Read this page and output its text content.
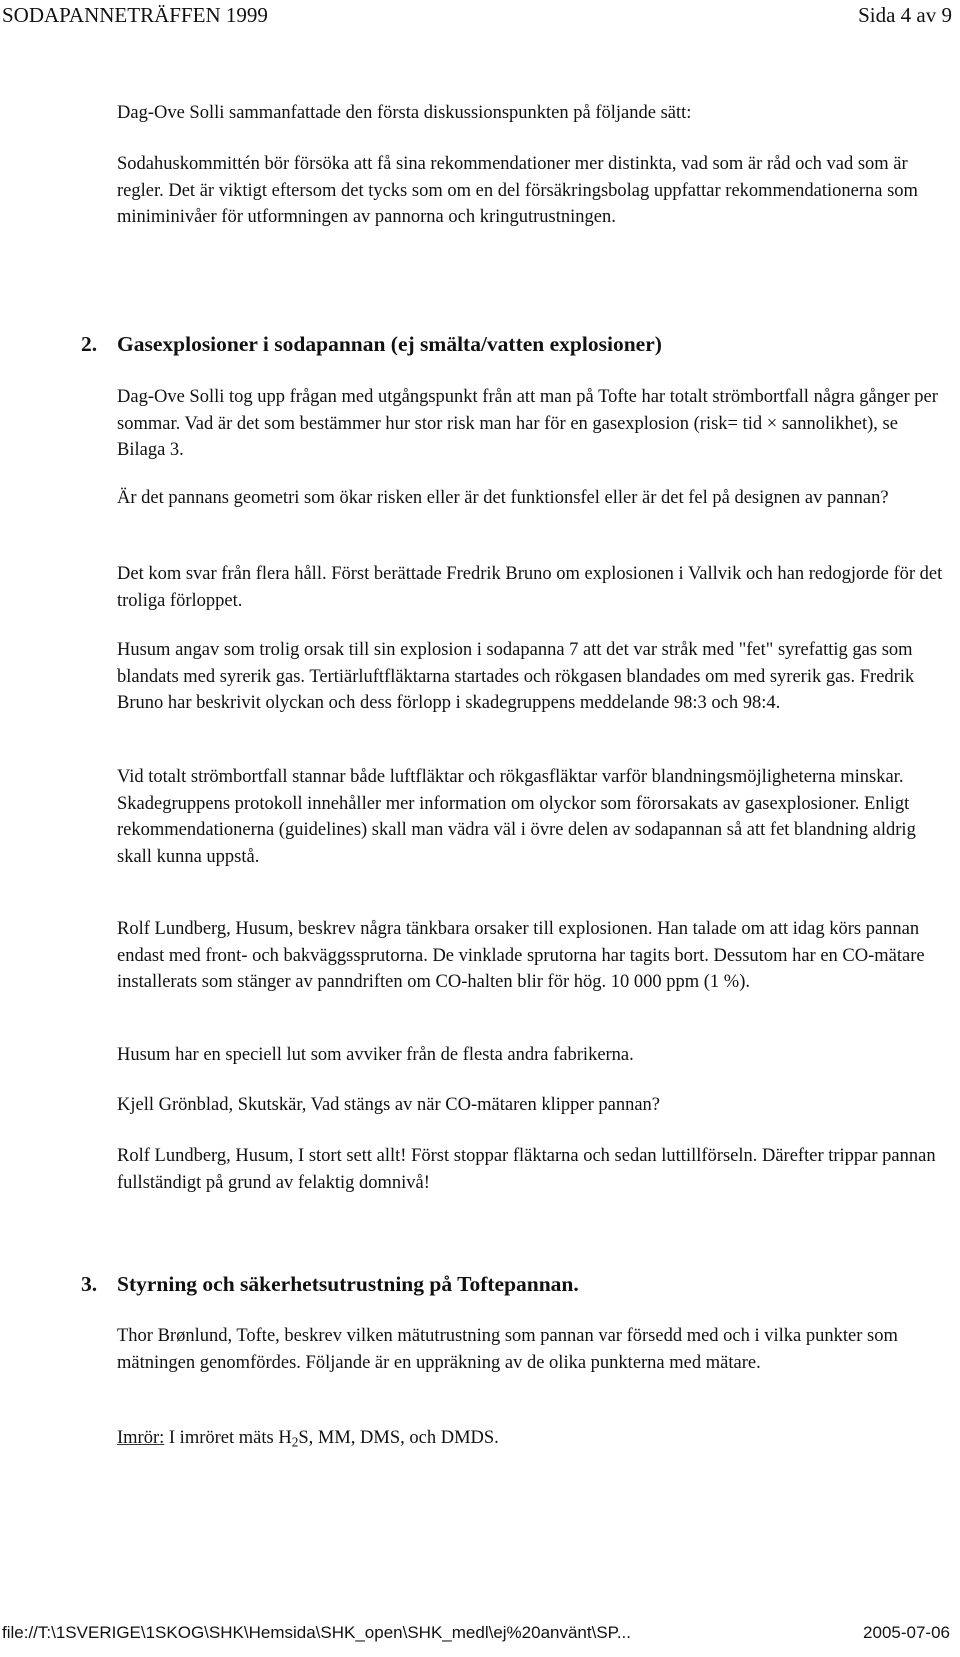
SODAPANNETRÄFFEN 1999	Sida 4 av 9

Dag-Ove Solli sammanfattade den första diskussionspunkten på följande sätt:

Sodahuskommittén bör försöka att få sina rekommendationer mer distinkta, vad som är råd och vad som är regler. Det är viktigt eftersom det tycks som om en del försäkringsbolag uppfattar rekommendationerna som miniminivåer för utformningen av pannorna och kringutrustningen.

2. Gasexplosioner i sodapannan (ej smälta/vatten explosioner)

Dag-Ove Solli tog upp frågan med utgångspunkt från att man på Tofte har totalt strömbortfall några gånger per sommar. Vad är det som bestämmer hur stor risk man har för en gasexplosion (risk= tid × sannolikhet), se Bilaga 3.

Är det pannans geometri som ökar risken eller är det funktionsfel eller är det fel på designen av pannan?

Det kom svar från flera håll. Först berättade Fredrik Bruno om explosionen i Vallvik och han redogjorde för det troliga förloppet.

Husum angav som trolig orsak till sin explosion i sodapanna 7 att det var stråk med "fet" syrefattig gas som blandats med syrerik gas. Tertiärluftfläktarna startades och rökgasen blandades om med syrerik gas. Fredrik Bruno har beskrivit olyckan och dess förlopp i skadegruppens meddelande 98:3 och 98:4.

Vid totalt strömbortfall stannar både luftfläktar och rökgasfläktar varför blandningsmöjligheterna minskar. Skadegruppens protokoll innehåller mer information om olyckor som förorsakats av gasexplosioner. Enligt rekommendationerna (guidelines) skall man vädra väl i övre delen av sodapannan så att fet blandning aldrig skall kunna uppstå.

Rolf Lundberg, Husum, beskrev några tänkbara orsaker till explosionen. Han talade om att idag körs pannan endast med front- och bakväggssprutorna. De vinklade sprutorna har tagits bort. Dessutom har en CO-mätare installerats som stänger av panndriften om CO-halten blir för hög. 10 000 ppm (1 %).

Husum har en speciell lut som avviker från de flesta andra fabrikerna.

Kjell Grönblad, Skutskär, Vad stängs av när CO-mätaren klipper pannan?

Rolf Lundberg, Husum, I stort sett allt! Först stoppar fläktarna och sedan luttillförseln. Därefter trippar pannan fullständigt på grund av felaktig domnivå!

3. Styrning och säkerhetsutrustning på Toftepannan.

Thor Brønlund, Tofte, beskrev vilken mätutrustning som pannan var försedd med och i vilka punkter som mätningen genomfördes. Följande är en uppräkning av de olika punkterna med mätare.

Imrör: I imröret mäts $H_2S$, MM, DMS, och DMDS.

file://T:\1SVERIGE\1SKOG\SHK\Hemsida\SHK_open\SHK_medl\ej%20använt\SP...	2005-07-06
